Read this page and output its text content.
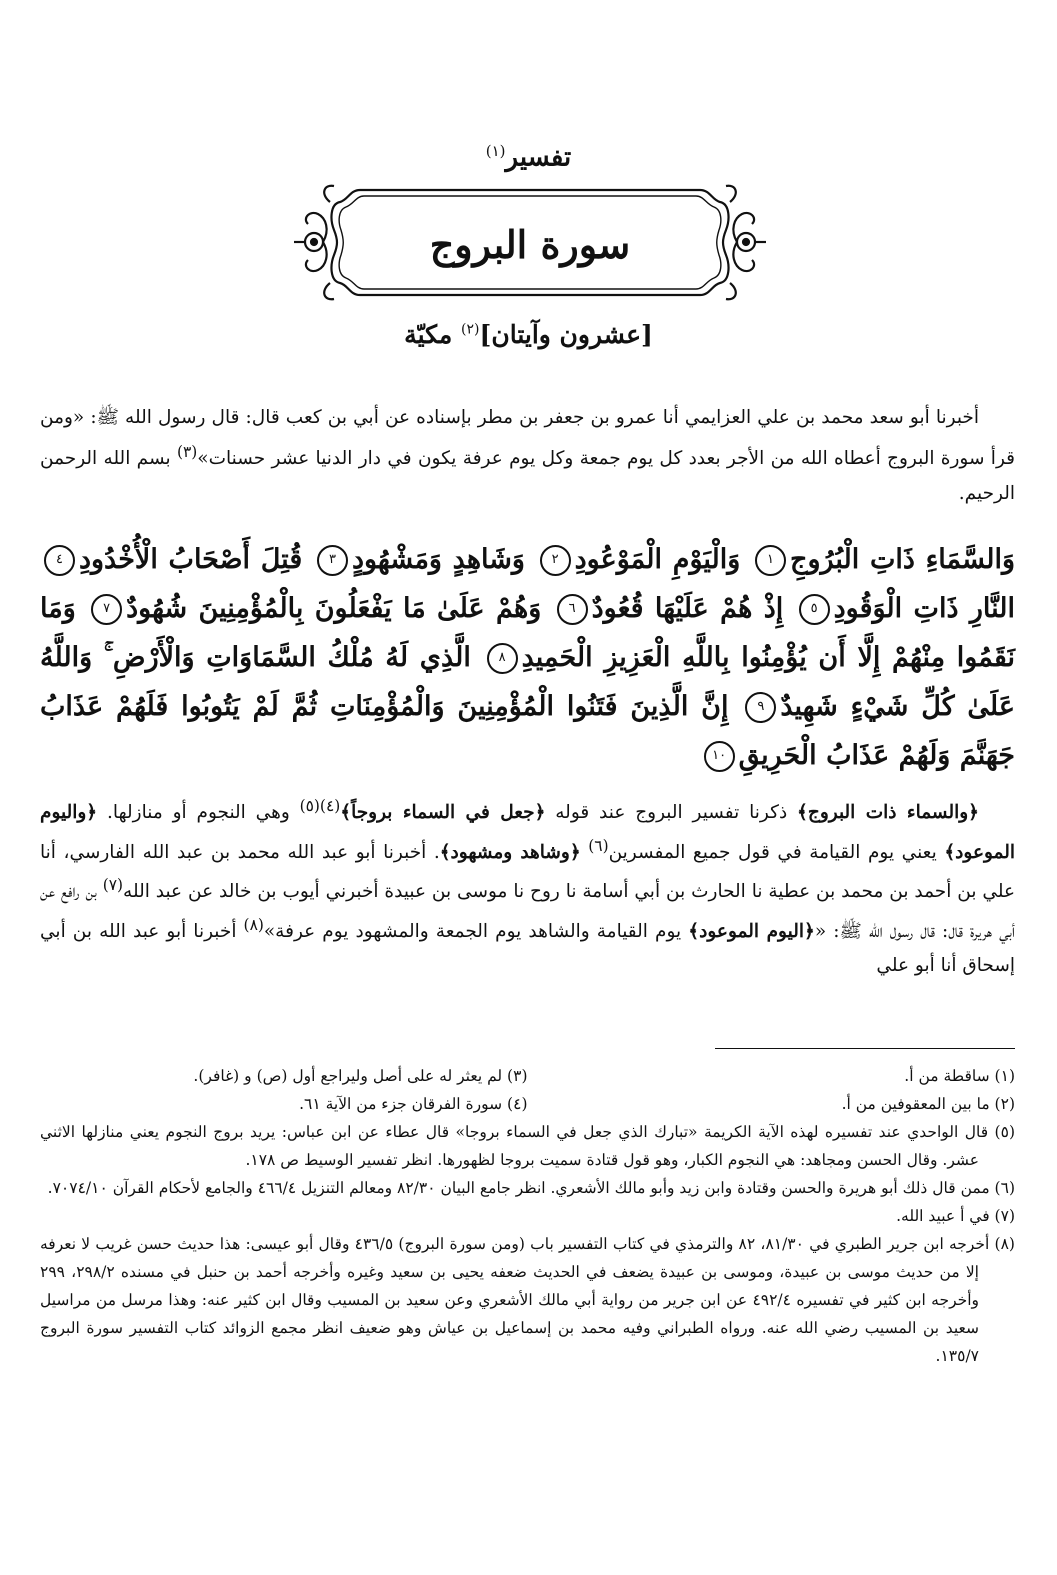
تفسير$^{(١)}$
سورة البروج
[عشرون وآيتان]$^{(٢)}$ مكيّة

أخبرنا أبو سعد محمد بن علي العزايمي أنا عمرو بن جعفر بن مطر بإسناده عن أبي بن كعب قال: قال رسول الله ﷺ: «ومن قرأ سورة البروج أعطاه الله من الأجر بعدد كل يوم جمعة وكل يوم عرفة يكون في دار الدنيا عشر حسنات»$^{(٣)}$ بسم الله الرحمن الرحيم.

وَالسَّمَاءِ ذَاتِ الْبُرُوجِ١ وَالْيَوْمِ الْمَوْعُودِ٢ وَشَاهِدٍ وَمَشْهُودٍ٣ قُتِلَ أَصْحَابُ الْأُخْدُودِ٤ النَّارِ ذَاتِ الْوَقُودِ٥ إِذْ هُمْ عَلَيْهَا قُعُودٌ٦ وَهُمْ عَلَىٰ مَا يَفْعَلُونَ بِالْمُؤْمِنِينَ شُهُودٌ٧ وَمَا نَقَمُوا مِنْهُمْ إِلَّا أَن يُؤْمِنُوا بِاللَّهِ الْعَزِيزِ الْحَمِيدِ٨ الَّذِي لَهُ مُلْكُ السَّمَاوَاتِ وَالْأَرْضِ ۚ وَاللَّهُ عَلَىٰ كُلِّ شَيْءٍ شَهِيدٌ٩ إِنَّ الَّذِينَ فَتَنُوا الْمُؤْمِنِينَ وَالْمُؤْمِنَاتِ ثُمَّ لَمْ يَتُوبُوا فَلَهُمْ عَذَابُ جَهَنَّمَ وَلَهُمْ عَذَابُ الْحَرِيقِ١٠

﴿والسماء ذات البروج﴾ ذكرنا تفسير البروج عند قوله ﴿جعل في السماء بروجاً﴾$^{(٤)(٥)}$ وهي النجوم أو منازلها. ﴿واليوم الموعود﴾ يعني يوم القيامة في قول جميع المفسرين$^{(٦)}$ ﴿وشاهد ومشهود﴾. أخبرنا أبو عبد الله محمد بن عبد الله الفارسي، أنا علي بن أحمد بن محمد بن عطية نا الحارث بن أبي أسامة نا روح نا موسى بن عبيدة أخبرني أيوب بن خالد عن عبد الله$^{(٧)}$ بن رافع عن أبي هريرة قال: قال رسول الله ﷺ: «﴿اليوم الموعود﴾ يوم القيامة والشاهد يوم الجمعة والمشهود يوم عرفة»$^{(٨)}$ أخبرنا أبو عبد الله بن أبي إسحاق أنا أبو علي

(١) ساقطة من أ.
(٣) لم يعثر له على أصل وليراجع أول (ص) و (غافر).
(٢) ما بين المعقوفين من أ.
(٤) سورة الفرقان جزء من الآية ٦١.

(٥) قال الواحدي عند تفسيره لهذه الآية الكريمة «تبارك الذي جعل في السماء بروجا» قال عطاء عن ابن عباس: يريد بروج النجوم يعني منازلها الاثني عشر. وقال الحسن ومجاهد: هي النجوم الكبار، وهو قول قتادة سميت بروجا لظهورها. انظر تفسير الوسيط ص ١٧٨.

(٦) ممن قال ذلك أبو هريرة والحسن وقتادة وابن زيد وأبو مالك الأشعري. انظر جامع البيان ٨٢/٣٠ ومعالم التنزيل ٤٦٦/٤ والجامع لأحكام القرآن ٧٠٧٤/١٠.

(٧) في أ عبيد الله.

(٨) أخرجه ابن جرير الطبري في ٨١/٣٠، ٨٢ والترمذي في كتاب التفسير باب (ومن سورة البروج) ٤٣٦/٥ وقال أبو عيسى: هذا حديث حسن غريب لا نعرفه إلا من حديث موسى بن عبيدة، وموسى بن عبيدة يضعف في الحديث ضعفه يحيى بن سعيد وغيره وأخرجه أحمد بن حنبل في مسنده ٢٩٨/٢، ٢٩٩ وأخرجه ابن كثير في تفسيره ٤٩٢/٤ عن ابن جرير من رواية أبي مالك الأشعري وعن سعيد بن المسيب وقال ابن كثير عنه: وهذا مرسل من مراسيل سعيد بن المسيب رضي الله عنه. ورواه الطبراني وفيه محمد بن إسماعيل بن عياش وهو ضعيف انظر مجمع الزوائد كتاب التفسير سورة البروج ١٣٥/٧.
